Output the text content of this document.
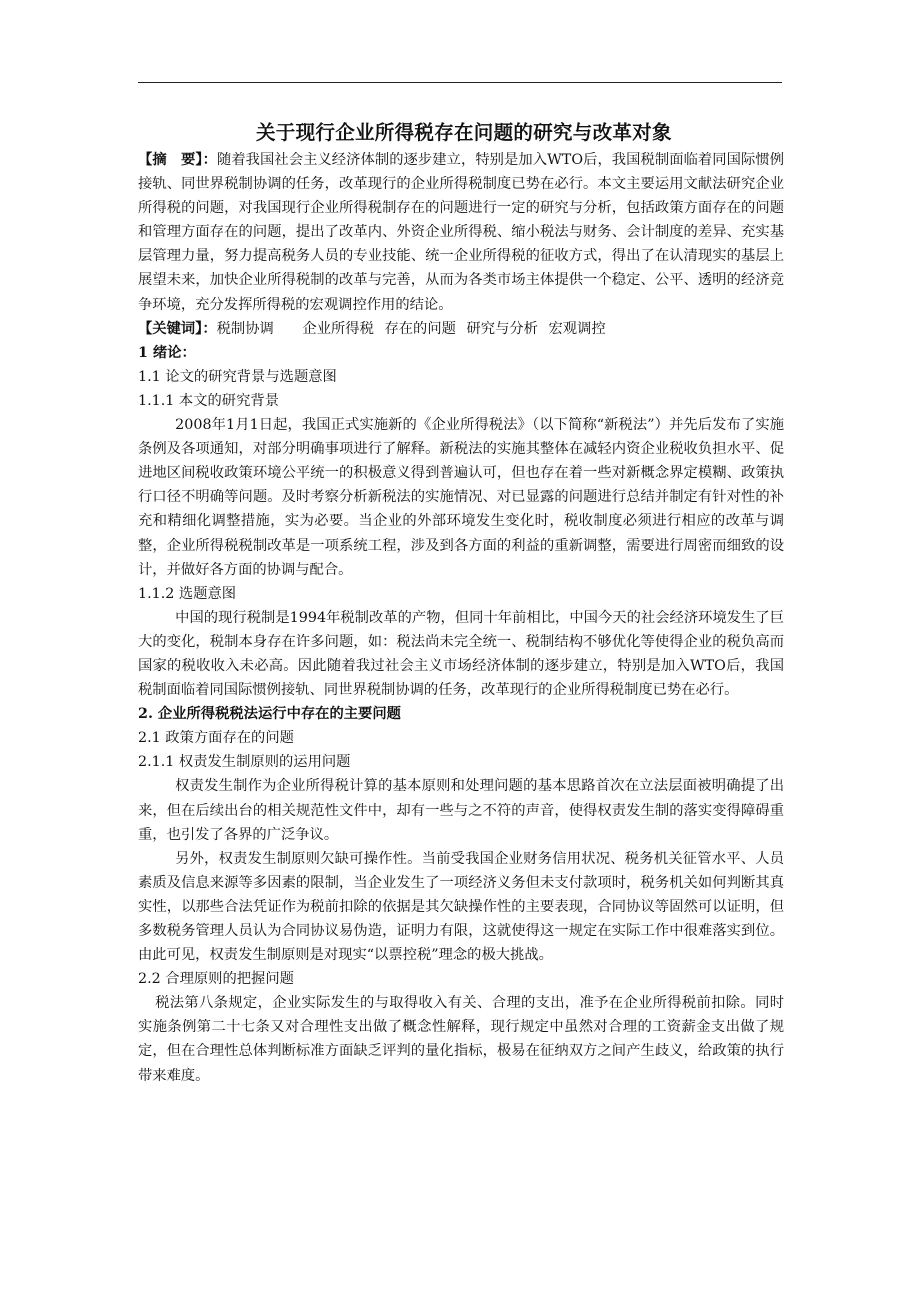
关于现行企业所得税存在问题的研究与改革对象

【摘　要】：随着我国社会主义经济体制的逐步建立，特别是加入WTO后，我国税制面临着同国际惯例接轨、同世界税制协调的任务，改革现行的企业所得税制度已势在必行。本文主要运用文献法研究企业所得税的问题，对我国现行企业所得税制存在的问题进行一定的研究与分析，包括政策方面存在的问题和管理方面存在的问题，提出了改革内、外资企业所得税、缩小税法与财务、会计制度的差异、充实基层管理力量，努力提高税务人员的专业技能、统一企业所得税的征收方式，得出了在认清现实的基层上展望未来，加快企业所得税制的改革与完善，从而为各类市场主体提供一个稳定、公平、透明的经济竞争环境，充分发挥所得税的宏观调控作用的结论。

【关键词】：税制协调　　企业所得税 存在的问题 研究与分析 宏观调控

1 绪论：

1.1 论文的研究背景与选题意图

1.1.1 本文的研究背景

2008年1月1日起，我国正式实施新的《企业所得税法》（以下简称“新税法”）并先后发布了实施条例及各项通知，对部分明确事项进行了解释。新税法的实施其整体在减轻内资企业税收负担水平、促进地区间税收政策环境公平统一的积极意义得到普遍认可，但也存在着一些对新概念界定模糊、政策执行口径不明确等问题。及时考察分析新税法的实施情况、对已显露的问题进行总结并制定有针对性的补充和精细化调整措施，实为必要。当企业的外部环境发生变化时，税收制度必须进行相应的改革与调整，企业所得税税制改革是一项系统工程，涉及到各方面的利益的重新调整，需要进行周密而细致的设计，并做好各方面的协调与配合。

1.1.2 选题意图

中国的现行税制是1994年税制改革的产物，但同十年前相比，中国今天的社会经济环境发生了巨大的变化，税制本身存在许多问题，如：税法尚未完全统一、税制结构不够优化等使得企业的税负高而国家的税收收入未必高。因此随着我过社会主义市场经济体制的逐步建立，特别是加入WTO后，我国税制面临着同国际惯例接轨、同世界税制协调的任务，改革现行的企业所得税制度已势在必行。

2. 企业所得税税法运行中存在的主要问题

2.1 政策方面存在的问题

2.1.1 权责发生制原则的运用问题

权责发生制作为企业所得税计算的基本原则和处理问题的基本思路首次在立法层面被明确提了出来，但在后续出台的相关规范性文件中，却有一些与之不符的声音，使得权责发生制的落实变得障碍重重，也引发了各界的广泛争议。

另外，权责发生制原则欠缺可操作性。当前受我国企业财务信用状况、税务机关征管水平、人员素质及信息来源等多因素的限制，当企业发生了一项经济义务但未支付款项时，税务机关如何判断其真实性，以那些合法凭证作为税前扣除的依据是其欠缺操作性的主要表现，合同协议等固然可以证明，但多数税务管理人员认为合同协议易伪造，证明力有限，这就使得这一规定在实际工作中很难落实到位。由此可见，权责发生制原则是对现实“以票控税”理念的极大挑战。

2.2 合理原则的把握问题

税法第八条规定，企业实际发生的与取得收入有关、合理的支出，准予在企业所得税前扣除。同时实施条例第二十七条又对合理性支出做了概念性解释，现行规定中虽然对合理的工资薪金支出做了规定，但在合理性总体判断标准方面缺乏评判的量化指标，极易在征纳双方之间产生歧义，给政策的执行带来难度。
